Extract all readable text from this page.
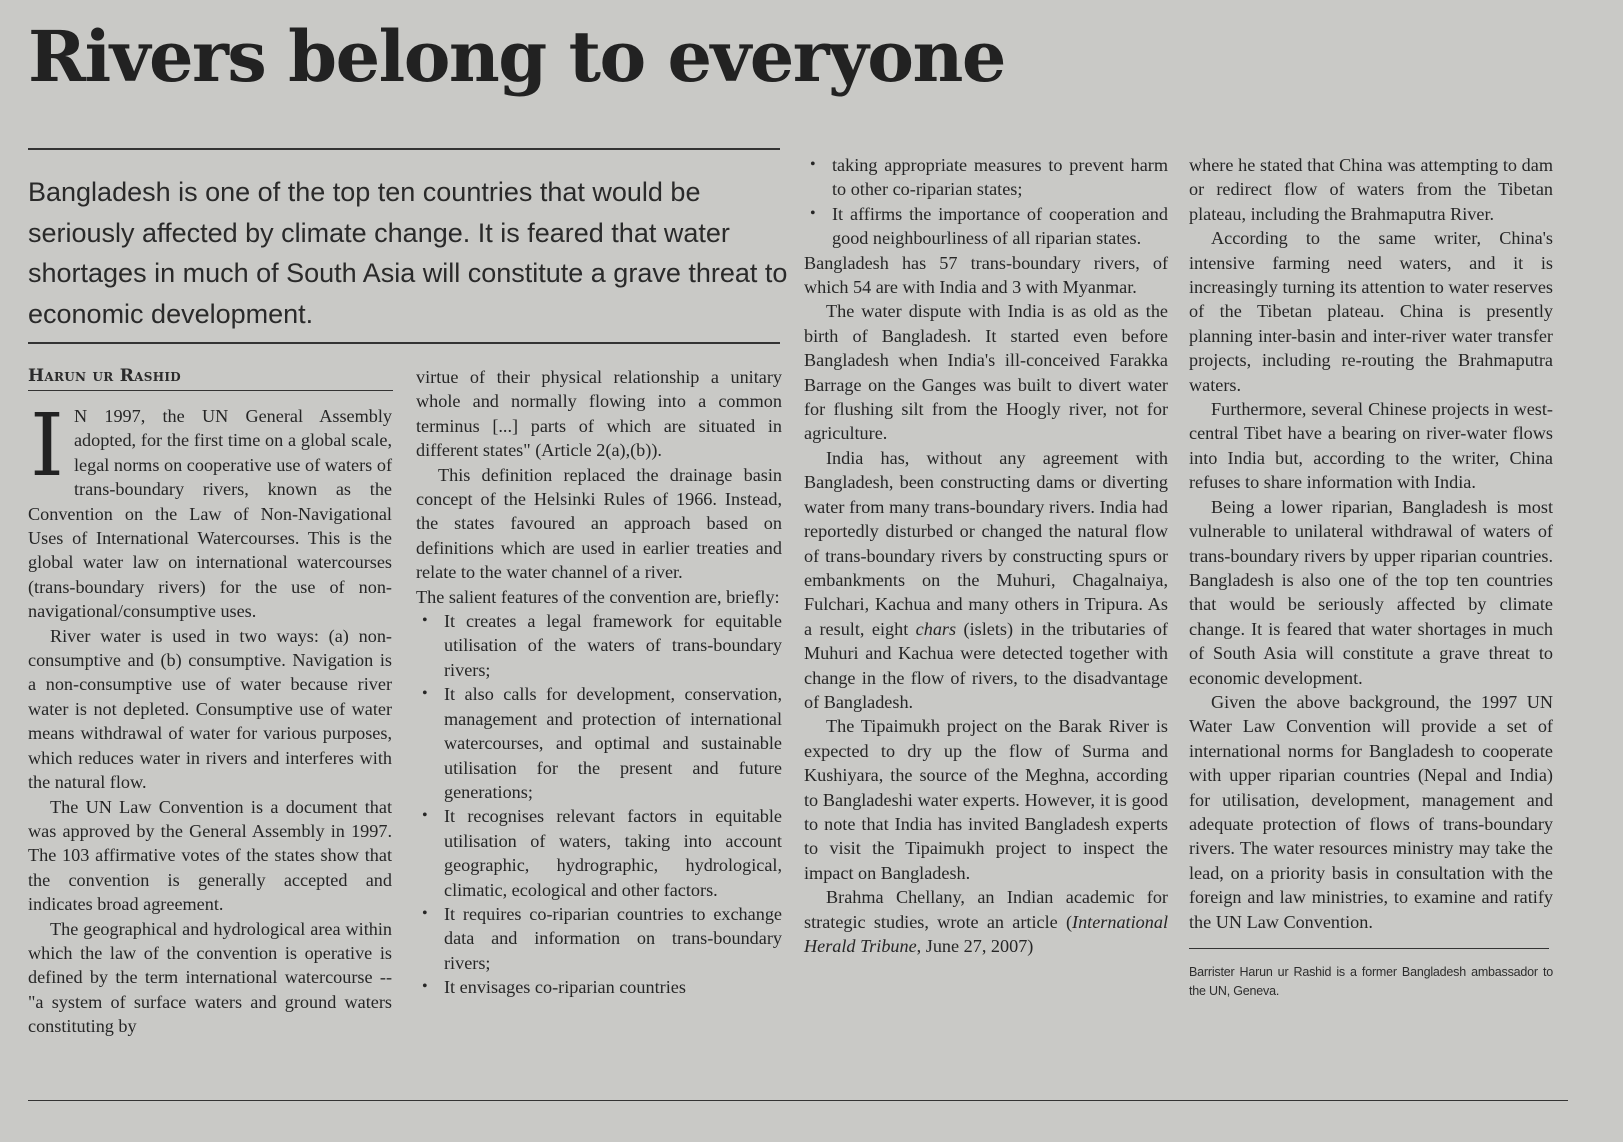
Rivers belong to everyone

Bangladesh is one of the top ten countries that would be seriously affected by climate change. It is feared that water shortages in much of South Asia will constitute a grave threat to economic development.

Harun ur Rashid

I N 1997, the UN General Assembly adopted, for the first time on a global scale, legal norms on cooperative use of waters of trans-boundary rivers, known as the Convention on the Law of Non-Navigational Uses of International Watercourses. This is the global water law on international watercourses (trans-boundary rivers) for the use of non-navigational/consumptive uses.

River water is used in two ways: (a) non-consumptive and (b) consumptive. Navigation is a non-consumptive use of water because river water is not depleted. Consumptive use of water means withdrawal of water for various purposes, which reduces water in rivers and interferes with the natural flow.

The UN Law Convention is a document that was approved by the General Assembly in 1997. The 103 affirmative votes of the states show that the convention is generally accepted and indicates broad agreement.

The geographical and hydrological area within which the law of the convention is operative is defined by the term international watercourse -- "a system of surface waters and ground waters constituting by

virtue of their physical relationship a unitary whole and normally flowing into a common terminus [...] parts of which are situated in different states" (Article 2(a),(b)).

This definition replaced the drainage basin concept of the Helsinki Rules of 1966. Instead, the states favoured an approach based on definitions which are used in earlier treaties and relate to the water channel of a river.

The salient features of the convention are, briefly:

• It creates a legal framework for equitable utilisation of the waters of trans-boundary rivers;
• It also calls for development, conservation, management and protection of international watercourses, and optimal and sustainable utilisation for the present and future generations;
• It recognises relevant factors in equitable utilisation of waters, taking into account geographic, hydrographic, hydrological, climatic, ecological and other factors.
• It requires co-riparian countries to exchange data and information on trans-boundary rivers;
• It envisages co-riparian countries
• taking appropriate measures to prevent harm to other co-riparian states;
• It affirms the importance of cooperation and good neighbourliness of all riparian states.

Bangladesh has 57 trans-boundary rivers, of which 54 are with India and 3 with Myanmar.

The water dispute with India is as old as the birth of Bangladesh. It started even before Bangladesh when India's ill-conceived Farakka Barrage on the Ganges was built to divert water for flushing silt from the Hoogly river, not for agriculture.

India has, without any agreement with Bangladesh, been constructing dams or diverting water from many trans-boundary rivers. India had reportedly disturbed or changed the natural flow of trans-boundary rivers by constructing spurs or embankments on the Muhuri, Chagalnaiya, Fulchari, Kachua and many others in Tripura. As a result, eight chars (islets) in the tributaries of Muhuri and Kachua were detected together with change in the flow of rivers, to the disadvantage of Bangladesh.

The Tipaimukh project on the Barak River is expected to dry up the flow of Surma and Kushiyara, the source of the Meghna, according to Bangladeshi water experts. However, it is good to note that India has invited Bangladesh experts to visit the Tipaimukh project to inspect the impact on Bangladesh.

Brahma Chellany, an Indian academic for strategic studies, wrote an article (International Herald Tribune, June 27, 2007)

where he stated that China was attempting to dam or redirect flow of waters from the Tibetan plateau, including the Brahmaputra River.

According to the same writer, China's intensive farming need waters, and it is increasingly turning its attention to water reserves of the Tibetan plateau. China is presently planning inter-basin and inter-river water transfer projects, including re-routing the Brahmaputra waters.

Furthermore, several Chinese projects in west-central Tibet have a bearing on river-water flows into India but, according to the writer, China refuses to share information with India.

Being a lower riparian, Bangladesh is most vulnerable to unilateral withdrawal of waters of trans-boundary rivers by upper riparian countries. Bangladesh is also one of the top ten countries that would be seriously affected by climate change. It is feared that water shortages in much of South Asia will constitute a grave threat to economic development.

Given the above background, the 1997 UN Water Law Convention will provide a set of international norms for Bangladesh to cooperate with upper riparian countries (Nepal and India) for utilisation, development, management and adequate protection of flows of trans-boundary rivers. The water resources ministry may take the lead, on a priority basis in consultation with the foreign and law ministries, to examine and ratify the UN Law Convention.

Barrister Harun ur Rashid is a former Bangladesh ambassador to the UN, Geneva.
